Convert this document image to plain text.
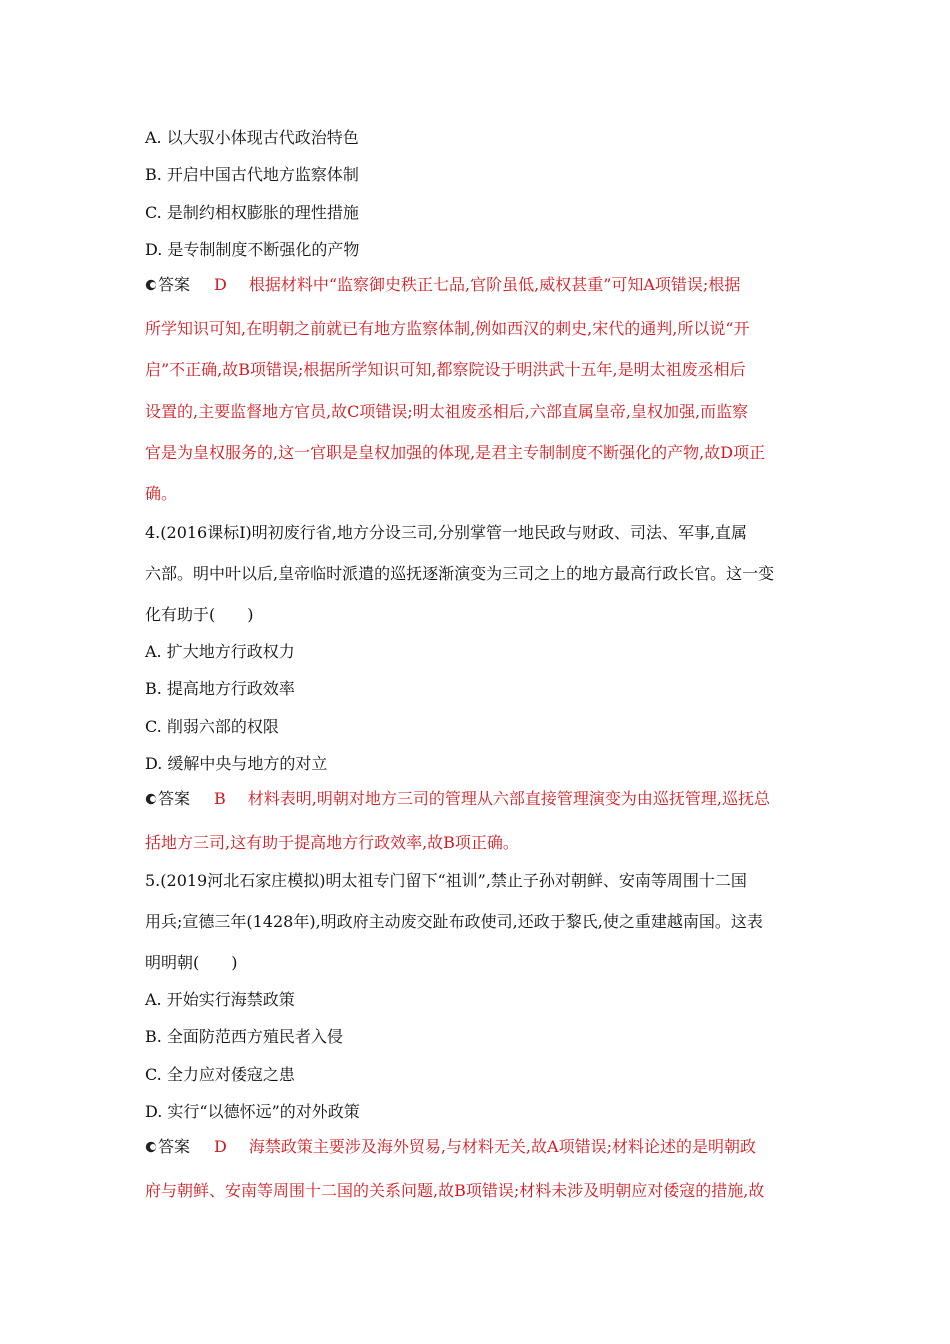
A. 以大驭小体现古代政治特色
B. 开启中国古代地方监察体制
C. 是制约相权膨胀的理性措施
D. 是专制制度不断强化的产物
答案 D 根据材料中“监察御史秩正七品,官阶虽低,威权甚重”可知A项错误;根据
所学知识可知,在明朝之前就已有地方监察体制,例如西汉的刺史,宋代的通判,所以说“开
启”不正确,故B项错误;根据所学知识可知,都察院设于明洪武十五年,是明太祖废丞相后
设置的,主要监督地方官员,故C项错误;明太祖废丞相后,六部直属皇帝,皇权加强,而监察
官是为皇权服务的,这一官职是皇权加强的体现,是君主专制制度不断强化的产物,故D项正
确。
4.(2016课标Ⅰ)明初废行省,地方分设三司,分别掌管一地民政与财政、司法、军事,直属
六部。明中叶以后,皇帝临时派遣的巡抚逐渐演变为三司之上的地方最高行政长官。这一变
化有助于(　　)
A. 扩大地方行政权力
B. 提高地方行政效率
C. 削弱六部的权限
D. 缓解中央与地方的对立
答案 B 材料表明,明朝对地方三司的管理从六部直接管理演变为由巡抚管理,巡抚总
括地方三司,这有助于提高地方行政效率,故B项正确。
5.(2019河北石家庄模拟)明太祖专门留下“祖训”,禁止子孙对朝鲜、安南等周围十二国
用兵;宣德三年(1428年),明政府主动废交趾布政使司,还政于黎氏,使之重建越南国。这表
明明朝(　　)
A. 开始实行海禁政策
B. 全面防范西方殖民者入侵
C. 全力应对倭寇之患
D. 实行“以德怀远”的对外政策
答案 D 海禁政策主要涉及海外贸易,与材料无关,故A项错误;材料论述的是明朝政
府与朝鲜、安南等周围十二国的关系问题,故B项错误;材料未涉及明朝应对倭寇的措施,故
